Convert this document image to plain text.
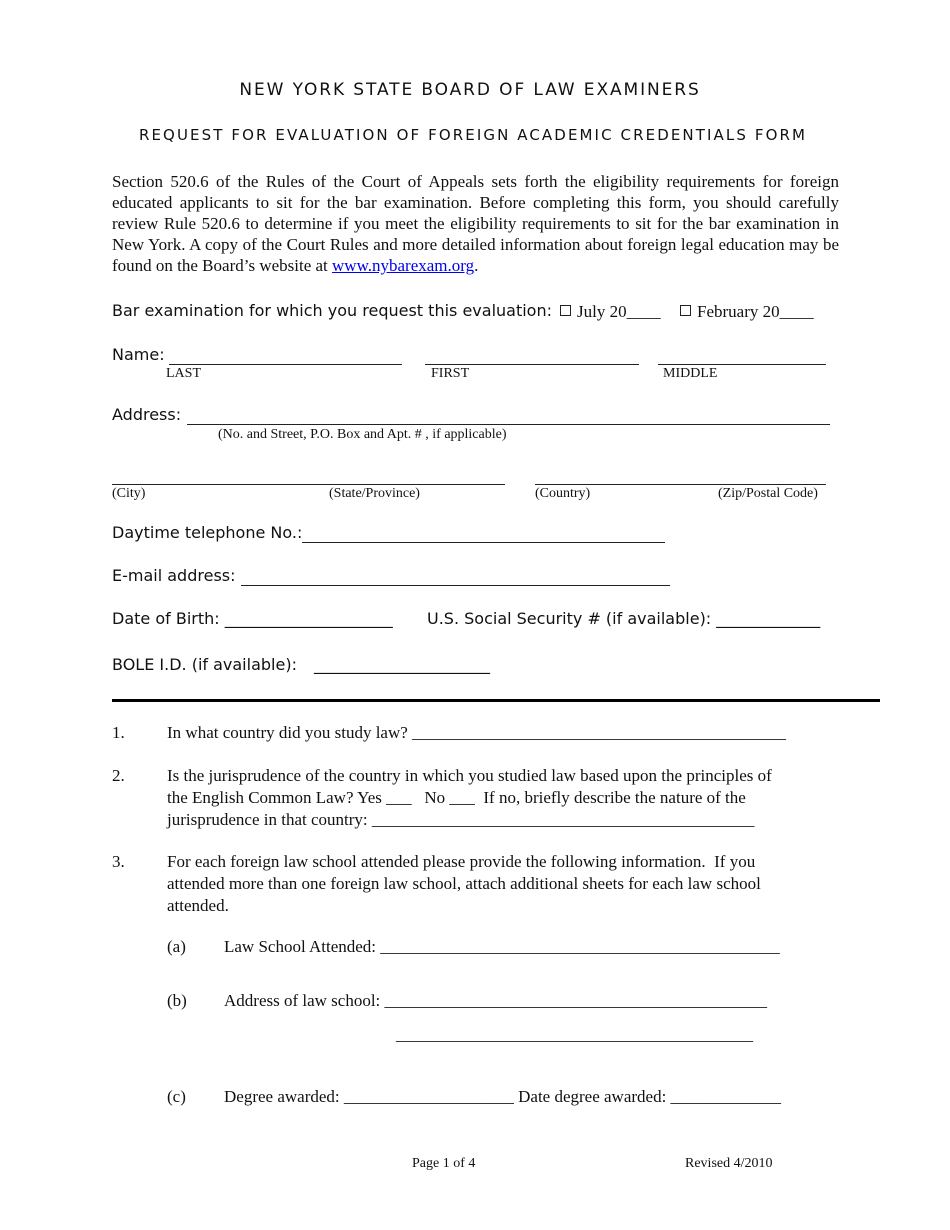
NEW YORK STATE BOARD OF LAW EXAMINERS
REQUEST FOR EVALUATION OF FOREIGN ACADEMIC CREDENTIALS FORM
Section 520.6 of the Rules of the Court of Appeals sets forth the eligibility requirements for foreign educated applicants to sit for the bar examination. Before completing this form, you should carefully review Rule 520.6 to determine if you meet the eligibility requirements to sit for the bar examination in New York. A copy of the Court Rules and more detailed information about foreign legal education may be found on the Board’s website at www.nybarexam.org.
Bar examination for which you request this evaluation:	July 20____	February 20____
Name:
LAST	FIRST	MIDDLE
Address:
(No. and Street, P.O. Box and Apt. # , if applicable)
(City)	(State/Province)	(Country)	(Zip/Postal Code)
Daytime telephone No.:
E-mail address:
Date of Birth: _____________________ U.S. Social Security # (if available): _____________
BOLE I.D. (if available): ______________________
1. In what country did you study law? ____________________________________________
2. Is the jurisprudence of the country in which you studied law based upon the principles of
the English Common Law? Yes ___   No ___  If no, briefly describe the nature of the
jurisprudence in that country: _____________________________________________
3. For each foreign law school attended please provide the following information.  If you
attended more than one foreign law school, attach additional sheets for each law school
attended.
(a) Law School Attended: _______________________________________________
(b) Address of law school: _____________________________________________
__________________________________________
(c) Degree awarded: ____________________ Date degree awarded: _____________
Page 1 of 4	Revised 4/2010
